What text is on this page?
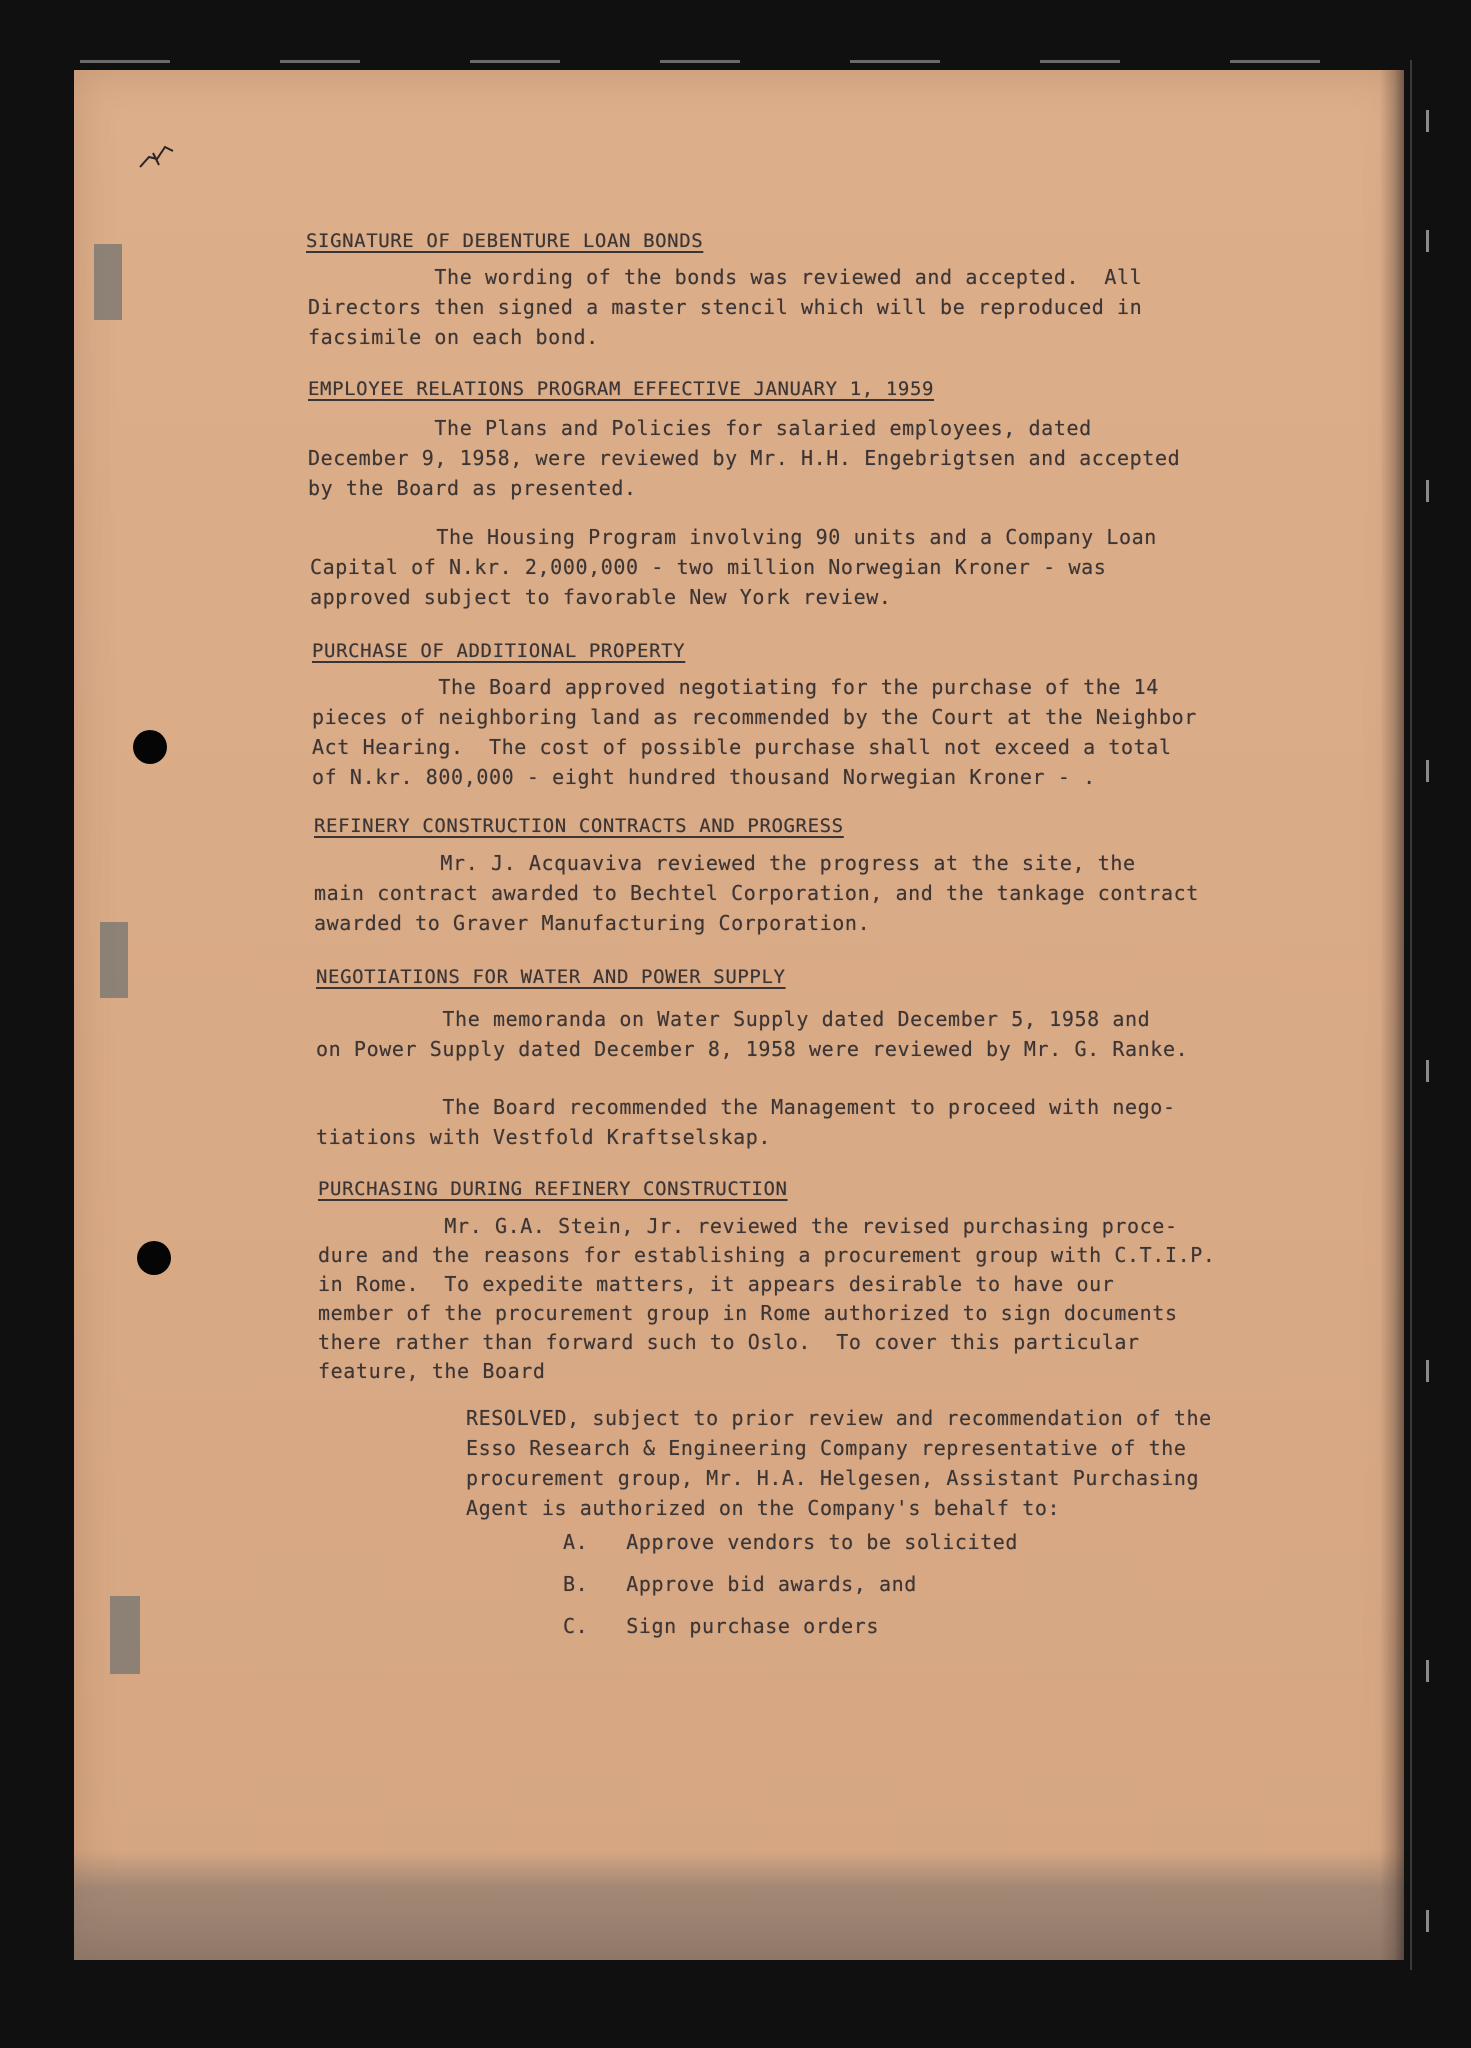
SIGNATURE OF DEBENTURE LOAN BONDS
The wording of the bonds was reviewed and accepted.  All
Directors then signed a master stencil which will be reproduced in
facsimile on each bond.
EMPLOYEE RELATIONS PROGRAM EFFECTIVE JANUARY 1, 1959
The Plans and Policies for salaried employees, dated
December 9, 1958, were reviewed by Mr. H.H. Engebrigtsen and accepted
by the Board as presented.
The Housing Program involving 90 units and a Company Loan
Capital of N.kr. 2,000,000 - two million Norwegian Kroner - was
approved subject to favorable New York review.
PURCHASE OF ADDITIONAL PROPERTY
The Board approved negotiating for the purchase of the 14
pieces of neighboring land as recommended by the Court at the Neighbor
Act Hearing.  The cost of possible purchase shall not exceed a total
of N.kr. 800,000 - eight hundred thousand Norwegian Kroner - .
REFINERY CONSTRUCTION CONTRACTS AND PROGRESS
Mr. J. Acquaviva reviewed the progress at the site, the
main contract awarded to Bechtel Corporation, and the tankage contract
awarded to Graver Manufacturing Corporation.
NEGOTIATIONS FOR WATER AND POWER SUPPLY
The memoranda on Water Supply dated December 5, 1958 and
on Power Supply dated December 8, 1958 were reviewed by Mr. G. Ranke.
The Board recommended the Management to proceed with nego-
tiations with Vestfold Kraftselskap.
PURCHASING DURING REFINERY CONSTRUCTION
Mr. G.A. Stein, Jr. reviewed the revised purchasing proce-
dure and the reasons for establishing a procurement group with C.T.I.P.
in Rome.  To expedite matters, it appears desirable to have our
member of the procurement group in Rome authorized to sign documents
there rather than forward such to Oslo.  To cover this particular
feature, the Board
RESOLVED, subject to prior review and recommendation of the
Esso Research & Engineering Company representative of the
procurement group, Mr. H.A. Helgesen, Assistant Purchasing
Agent is authorized on the Company's behalf to:
A.   Approve vendors to be solicited
B.   Approve bid awards, and
C.   Sign purchase orders
